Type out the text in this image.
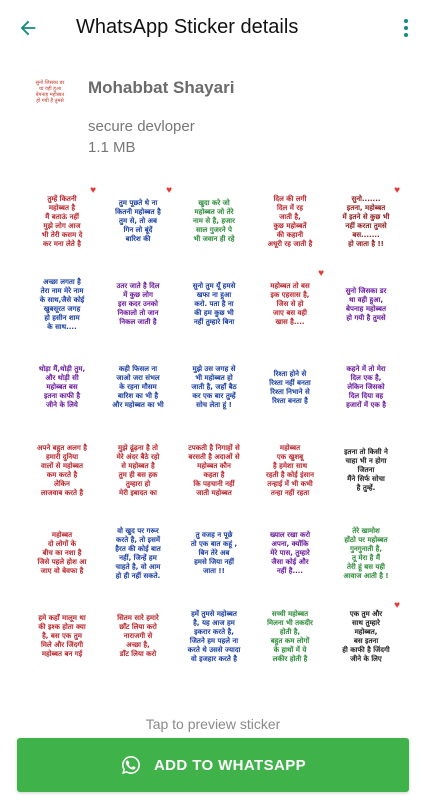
WhatsApp Sticker details
सुनो जिसका डर
था वही हुआ
बेपनाह महोब्बत
हो गयी है तुमसे
Mohabbat Shayari
secure devloper
1.1 MB
तुम्हें कितनी
महोब्बत है
मैं बताऊं नहीं
मुझे लोग आज
भी तेरी कसम दे
कर मना लेते है
♥
तुम पूछते थे ना
कितनी महोब्बत है
तुम से, तो अब
गिन लो बूंदें
बारिश की
♥
खुदा करे जो
महोब्बत जो तेरे
नाम से है, हजार
साल गुजरने पे
भी जवान ही रहे
दिल की लगी
दिल में रह
जाती है,
कुछ महोब्बतें
की कहानी
अधूरी रह जाती है
सुनो.......
इतना, महोब्बत
में इतने से कुछ भी
नहीं करता तुमसे
बस.......
हो जाता है !!
♥
अच्छा लगता है
तेरा नाम मेरे नाम
के साथ,जैसे कोई
खुबसूरत जगह
हो हसीन शाम
के साथ....
उतर जाते है दिल
में कुछ लोग
इस कदर उनको
निकालो तो जान
निकल जाती है
सुनो तुम यूँ हमसे
खफा ना हुआ
करो. पता है ना
की हम कुछ भी
नहीं तुम्हारे बिना
महोब्बत तो बस
इक एहसास है,
जिस से हो
जाए बस वही
खास है....
♥
सुनो जिसका डर
था वही हुआ,
बेपनाह महोब्बत
हो गयी है तुमसे
थोड़ा मैं,थोड़ी तुम,
और थोड़ी सी
महोब्बत बस
इतना काफी है
जीने के लिये
कही फिसल ना
जाओ जरा संभल
के रहना मौसम
बारिश का भी है
और महोब्बत का भी
मुझे उस जगह से
भी महोब्बत हो
जाती है, जहाँ बैठ
कर एक बार तुम्हें
सोच लेता हूं !
रिश्ता होने से
रिश्ता नहीं बनता
रिश्ता निभाने से
रिश्ता बनता है
कहने में तो मेरा
दिल एक है,
लेकिन जिसको
दिल दिया वह
हजारों में एक है
अपने बहुत अलग है
हमारी दुनिया
वालों से महोब्बत
कम करते है
लेकिन
लाजवाब करते है
मुझे ढूंढ़ना है तो
मेरे अंदर बैठे रहो
से महोब्बत है
तुम ही बस हक
तुम्हारा हो
मेरी इबादत का
टपकती है निगाहों से
बरसती है अदाओं से
महोब्बत कौन
कहता है
कि पहचानी नहीं
जाती महोब्बत
महोब्बत
एक खुशबू
है हमेशा साथ
रहती है कोई इंसान
तन्हाई में भी कभी
तन्हा नहीं रहता
इतना तो किसी ने
चाहा भी न होगा
जितना
मैंने सिर्फ सोचा
है तुम्हें.
महोब्बत
दो लोगों के
बीच का नशा है
जिसे पहले होश आ
जाए वो बेवफा है
वो खुद पर गरूर
करते है, तो इसमें
हैरत की कोई बात
नहीं, जिन्हें हम
चाहते है, वो आम
हो ही नहीं सकते.
तु वजह न पूछे
तो एक बात कहूं ,
बिन तेरे अब
हमसे जिया नहीं
जाता !!
ख्याल रखा करो
अपना, क्योंकि
मेरे पास, तुम्हारे
जैसा कोई और
नहीं है....
तेरे खामोश
होंठो पर महोब्बत
गुनगुनाती है,
तू मेरा है मैं
तेरी हूं बस यही
आवाज आती है !
हमे कहाँ मालूम था
की इश्क होता क्या
है, बस एक तुम
मिले और जिंदगी
महोब्बत बन गई
सितम सारे हमारे
छाँट लिया करो
नाराजगी से
अच्छा है,
डाँट लिया करो
हमें तुमसे महोब्बत
है, यह आज हम
इकरार करते है,
जितने हम पहले ना
करते थे उससे ज्यादा
वो इजहार करते है
सच्ची महोब्बत
मिलना भी तकदीर
होती है,
बहुत कम लोगों
के हाथों में ये
लकीर होती है
एक तुम और
साथ तुम्हारे
महोब्बत,
बस इतना
ही काफी है जिंदगी
जीने के लिए
♥
Tap to preview sticker
ADD TO WHATSAPP
